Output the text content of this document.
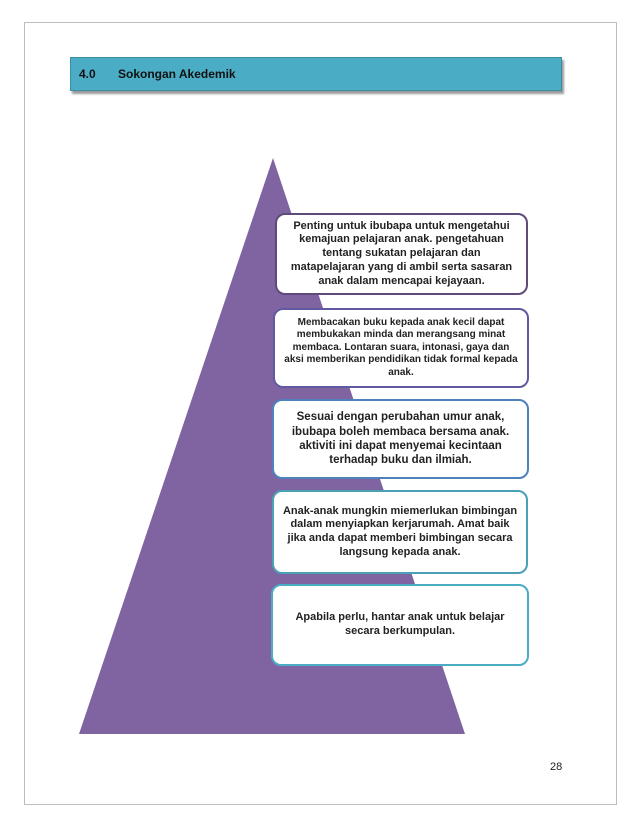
4.0 Sokongan Akedemik
Penting untuk ibubapa untuk mengetahui kemajuan pelajaran anak. pengetahuan tentang sukatan pelajaran dan matapelajaran yang di ambil serta sasaran anak dalam mencapai kejayaan.
Membacakan buku kepada anak kecil dapat membukakan minda dan merangsang minat membaca. Lontaran suara, intonasi, gaya dan aksi memberikan pendidikan tidak formal kepada anak.
Sesuai dengan perubahan umur anak, ibubapa boleh membaca bersama anak. aktiviti ini dapat menyemai kecintaan terhadap buku dan ilmiah.
Anak-anak mungkin miemerlukan bimbingan dalam menyiapkan kerjarumah. Amat baik jika anda dapat memberi bimbingan secara langsung kepada anak.
Apabila perlu, hantar anak untuk belajar secara berkumpulan.
28
